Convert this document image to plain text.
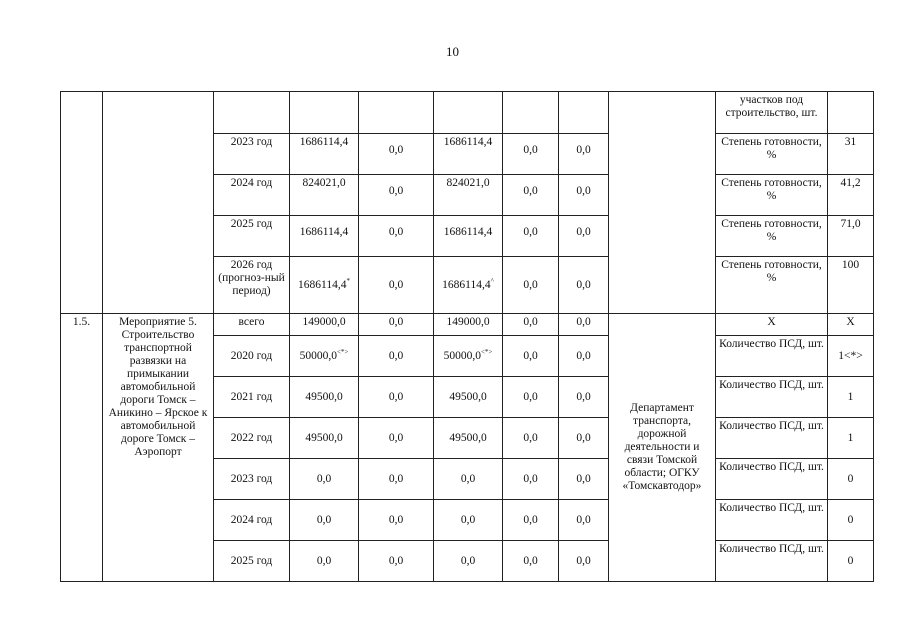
10
									участков под строительство, шт.	
		2023 год	1686114,4	0,0	1686114,4	0,0	0,0		Степень готовности, %	31
		2024 год	824021,0	0,0	824021,0	0,0	0,0		Степень готовности, %	41,2
		2025 год	1686114,4	0,0	1686114,4	0,0	0,0		Степень готовности, %	71,0
		2026 год (прогноз-ный период)	1686114,4*	0,0	1686114,4^	0,0	0,0		Степень готовности, %	100
1.5.	Мероприятие 5. Строительство транспортной развязки на примыкании автомобильной дороги Томск – Аникино – Ярское к автомобильной дороге Томск – Аэропорт	всего	149000,0	0,0	149000,0	0,0	0,0	Департамент транспорта, дорожной деятельности и связи Томской области; ОГКУ «Томскавтодор»	Х	Х
		2020 год	50000,0<*>	0,0	50000,0<*>	0,0	0,0		Количество ПСД, шт.	1<*>
		2021 год	49500,0	0,0	49500,0	0,0	0,0		Количество ПСД, шт.	1
		2022 год	49500,0	0,0	49500,0	0,0	0,0		Количество ПСД, шт.	1
		2023 год	0,0	0,0	0,0	0,0	0,0		Количество ПСД, шт.	0
		2024 год	0,0	0,0	0,0	0,0	0,0		Количество ПСД, шт.	0
		2025 год	0,0	0,0	0,0	0,0	0,0		Количество ПСД, шт.	0
